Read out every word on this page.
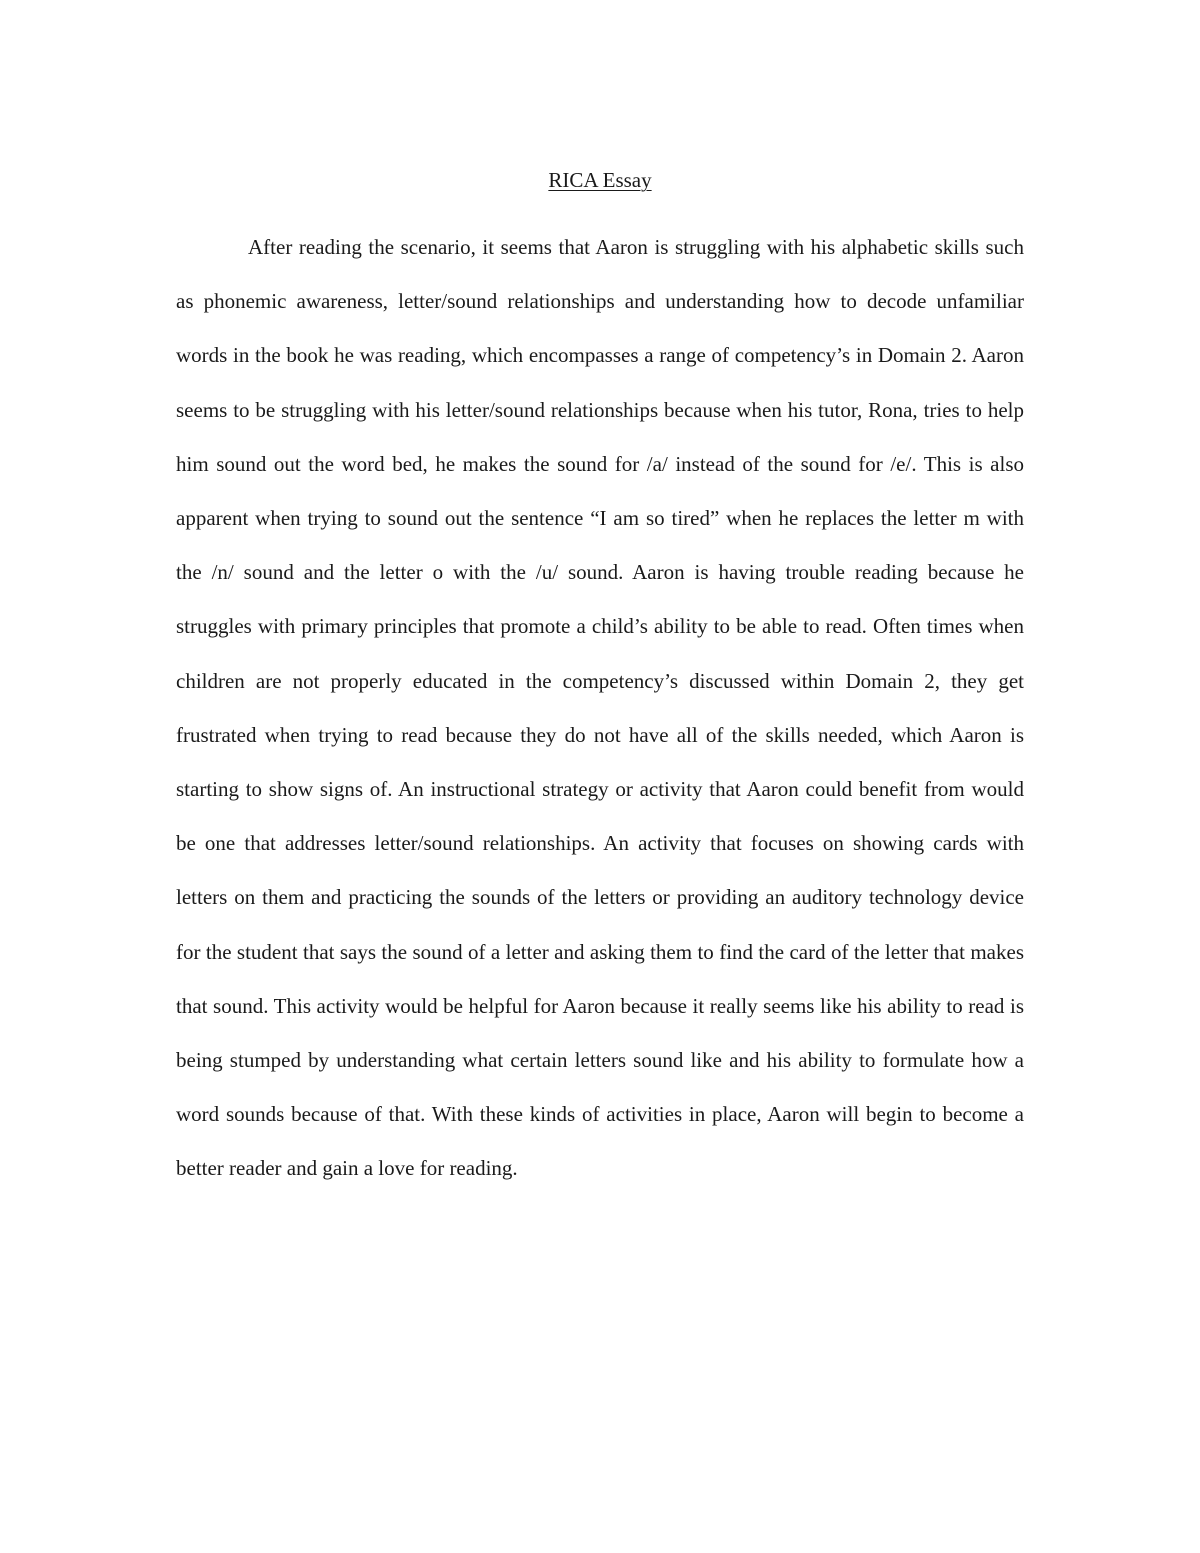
RICA Essay

After reading the scenario, it seems that Aaron is struggling with his alphabetic skills such as phonemic awareness, letter/sound relationships and understanding how to decode unfamiliar words in the book he was reading, which encompasses a range of competency’s in Domain 2. Aaron seems to be struggling with his letter/sound relationships because when his tutor, Rona, tries to help him sound out the word bed, he makes the sound for /a/ instead of the sound for /e/. This is also apparent when trying to sound out the sentence “I am so tired” when he replaces the letter m with the /n/ sound and the letter o with the /u/ sound. Aaron is having trouble reading because he struggles with primary principles that promote a child’s ability to be able to read. Often times when children are not properly educated in the competency’s discussed within Domain 2, they get frustrated when trying to read because they do not have all of the skills needed, which Aaron is starting to show signs of. An instructional strategy or activity that Aaron could benefit from would be one that addresses letter/sound relationships. An activity that focuses on showing cards with letters on them and practicing the sounds of the letters or providing an auditory technology device for the student that says the sound of a letter and asking them to find the card of the letter that makes that sound. This activity would be helpful for Aaron because it really seems like his ability to read is being stumped by understanding what certain letters sound like and his ability to formulate how a word sounds because of that. With these kinds of activities in place, Aaron will begin to become a better reader and gain a love for reading.
